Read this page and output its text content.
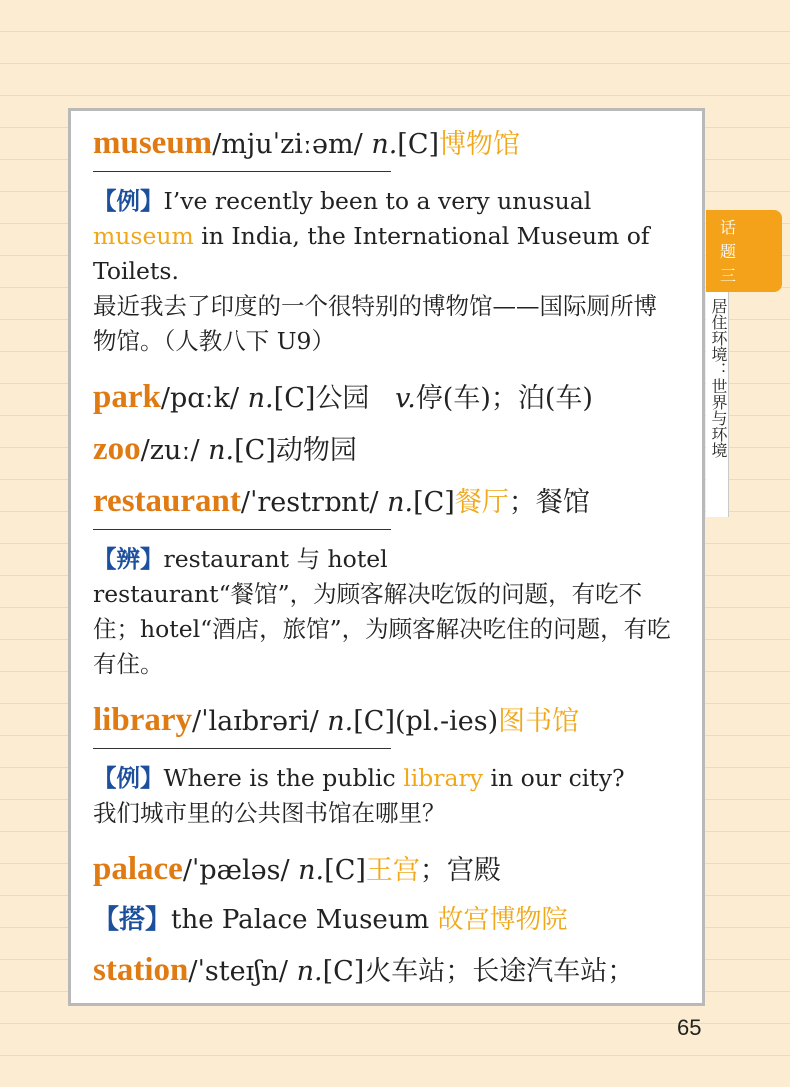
museum/mjuˈziːəm/ n.[C]博物馆
【例】I’ve recently been to a very unusual museum in India, the International Museum of Toilets.
最近我去了印度的一个很特别的博物馆——国际厕所博物馆。（人教八下 U9）
park/pɑːk/ n.[C]公园 v.停(车)；泊(车)
zoo/zuː/ n.[C]动物园
restaurant/ˈrestrɒnt/ n.[C]餐厅；餐馆
【辨】restaurant 与 hotel
restaurant“餐馆”，为顾客解决吃饭的问题，有吃不住；hotel“酒店，旅馆”，为顾客解决吃住的问题，有吃有住。
library/ˈlaɪbrəri/ n.[C](pl.-ies)图书馆
【例】Where is the public library in our city?
我们城市里的公共图书馆在哪里？
palace/ˈpæləs/ n.[C]王宫；宫殿
【搭】the Palace Museum 故宫博物院
station/ˈsteɪʃn/ n.[C]火车站；长途汽车站；
话
题
三
居住环境：世界与环境
65
